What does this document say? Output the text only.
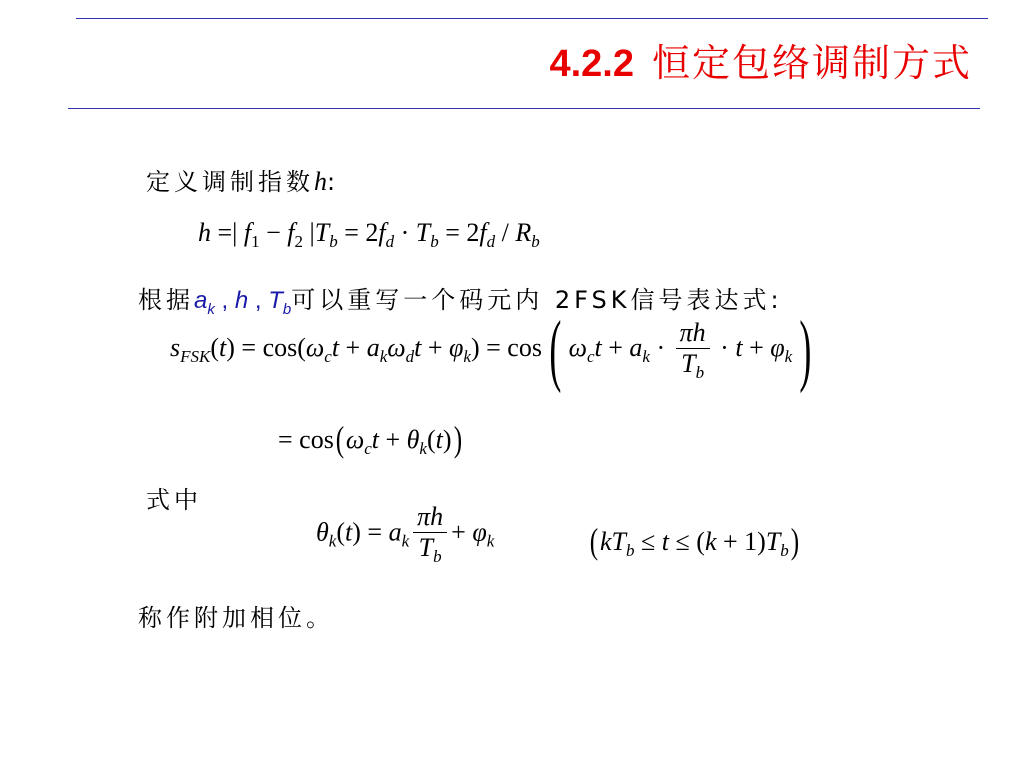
4.2.2 恒定包络调制方式
定义调制指数h:
h =| $f_1 - f_2$ $|T_b = 2f_d \cdot T_b = 2f_d / R_b$
根据$a_k$ , h , $T_b$可以重写一个码元内 2FSK信号表达式:
$s_{FSK}(t) = \cos(\omega_ct + a_k\omega_dt + \varphi_k) = \cos$( $\omega_ct + a_k \cdot \frac{\pi h}{T_b} \cdot t + \varphi_k$)
= $\cos(\omega_ct + \theta_k(t))$
式中
$\theta_k(t) = a_k \frac{\pi h}{T_b} + \varphi_k$	$(kT_b \le t \le (k + 1)T_b)$
称作附加相位。
